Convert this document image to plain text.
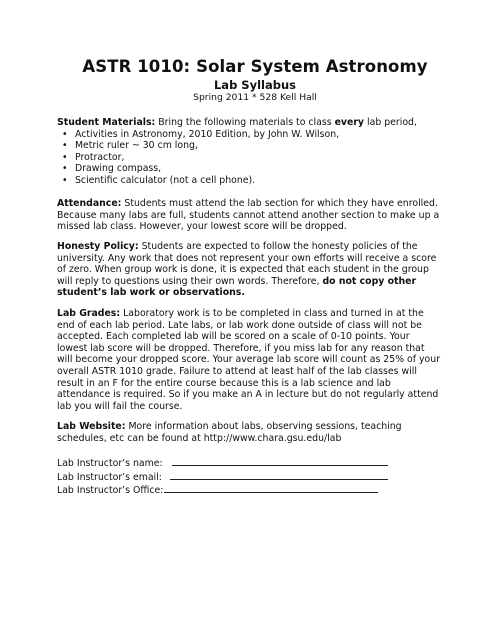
ASTR 1010: Solar System Astronomy
Lab Syllabus
Spring 2011 * 528 Kell Hall
Student Materials: Bring the following materials to class every lab period,
• Activities in Astronomy, 2010 Edition, by John W. Wilson,
• Metric ruler ~ 30 cm long,
• Protractor,
• Drawing compass,
• Scientific calculator (not a cell phone).
Attendance: Students must attend the lab section for which they have enrolled.
Because many labs are full, students cannot attend another section to make up a
missed lab class. However, your lowest score will be dropped.
Honesty Policy: Students are expected to follow the honesty policies of the
university. Any work that does not represent your own efforts will receive a score
of zero. When group work is done, it is expected that each student in the group
will reply to questions using their own words. Therefore, do not copy other
student’s lab work or observations.
Lab Grades: Laboratory work is to be completed in class and turned in at the
end of each lab period. Late labs, or lab work done outside of class will not be
accepted. Each completed lab will be scored on a scale of 0-10 points. Your
lowest lab score will be dropped. Therefore, if you miss lab for any reason that
will become your dropped score. Your average lab score will count as 25% of your
overall ASTR 1010 grade. Failure to attend at least half of the lab classes will
result in an F for the entire course because this is a lab science and lab
attendance is required. So if you make an A in lecture but do not regularly attend
lab you will fail the course.
Lab Website: More information about labs, observing sessions, teaching
schedules, etc can be found at http://www.chara.gsu.edu/lab
Lab Instructor’s name:
Lab Instructor’s email:
Lab Instructor’s Office:
